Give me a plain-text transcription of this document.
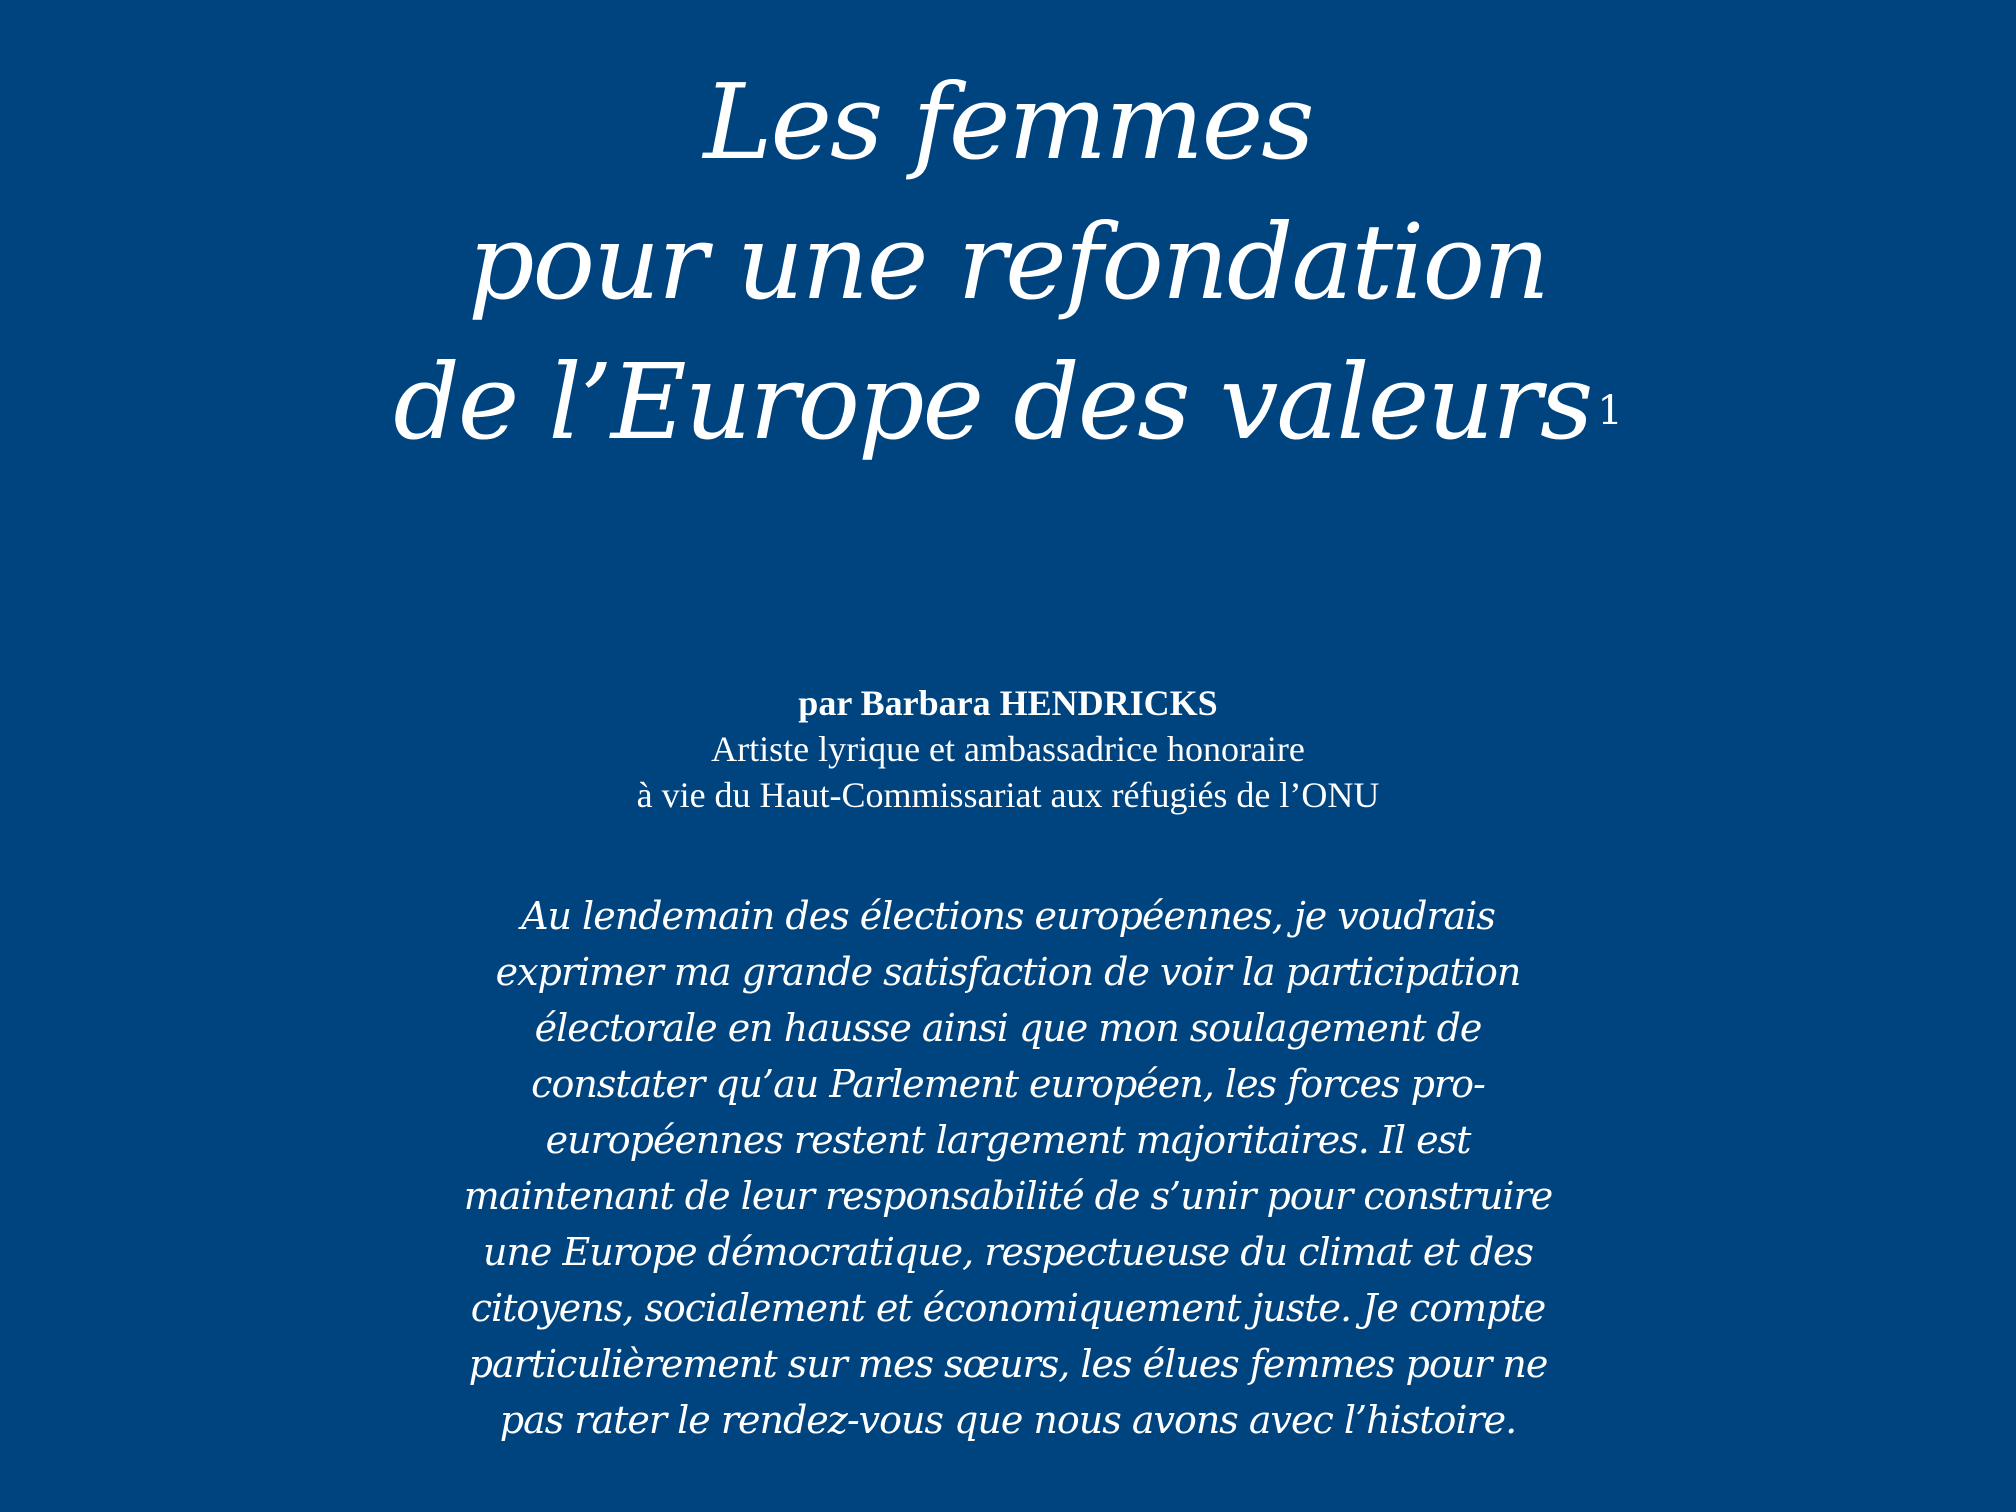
Les femmes
pour une refondation
de l’Europe des valeurs $^1$
par Barbara HENDRICKS
Artiste lyrique et ambassadrice honoraire
à vie du Haut-Commissariat aux réfugiés de l’ONU

Au lendemain des élections européennes, je voudrais
exprimer ma grande satisfaction de voir la participation
électorale en hausse ainsi que mon soulagement de
constater qu’au Parlement européen, les forces pro-
européennes restent largement majoritaires. Il est
maintenant de leur responsabilité de s’unir pour construire
une Europe démocratique, respectueuse du climat et des
citoyens, socialement et économiquement juste. Je compte
particulièrement sur mes sœurs, les élues femmes pour ne
pas rater le rendez-vous que nous avons avec l’histoire.
